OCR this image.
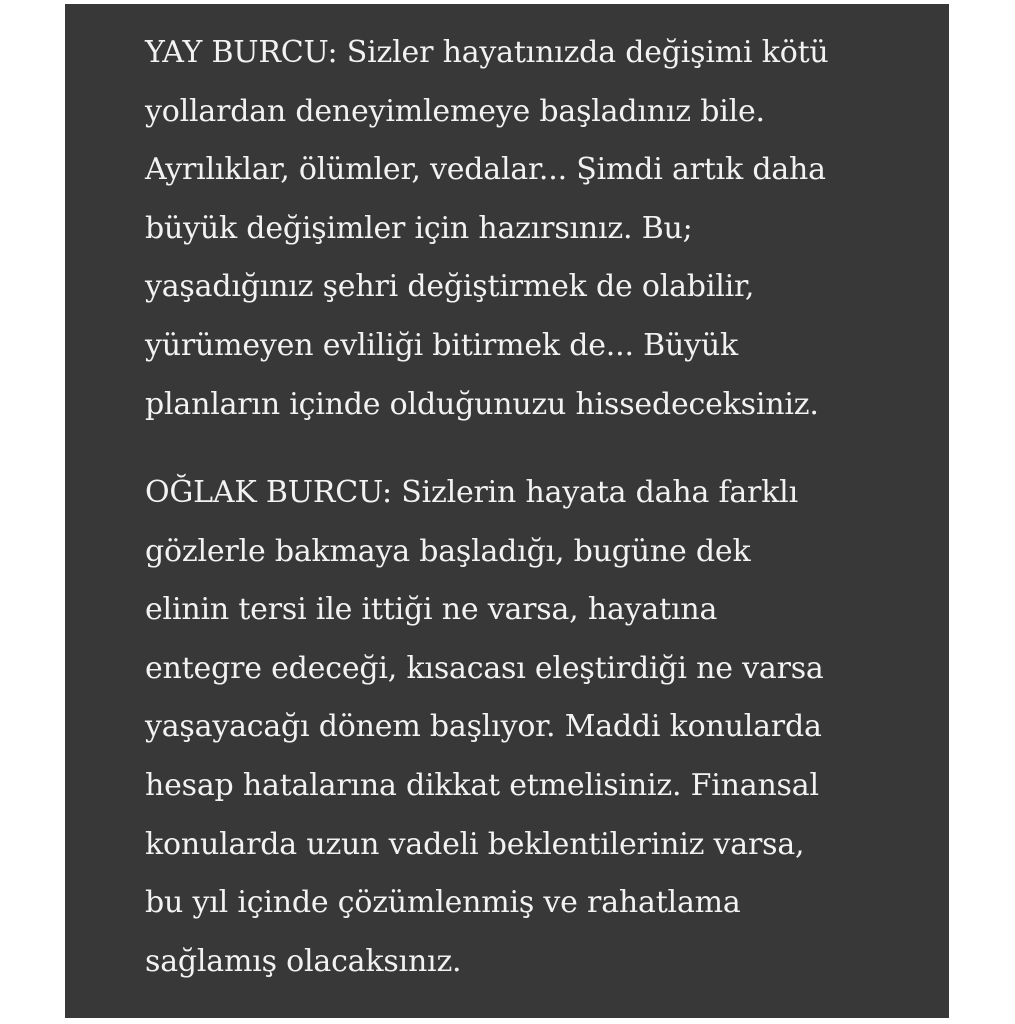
YAY BURCU: Sizler hayatınızda değişimi kötü
yollardan deneyimlemeye başladınız bile.
Ayrılıklar, ölümler, vedalar... Şimdi artık daha
büyük değişimler için hazırsınız. Bu;
yaşadığınız şehri değiştirmek de olabilir,
yürümeyen evliliği bitirmek de... Büyük
planların içinde olduğunuzu hissedeceksiniz.
OĞLAK BURCU: Sizlerin hayata daha farklı
gözlerle bakmaya başladığı, bugüne dek
elinin tersi ile ittiği ne varsa, hayatına
entegre edeceği, kısacası eleştirdiği ne varsa
yaşayacağı dönem başlıyor. Maddi konularda
hesap hatalarına dikkat etmelisiniz. Finansal
konularda uzun vadeli beklentileriniz varsa,
bu yıl içinde çözümlenmiş ve rahatlama
sağlamış olacaksınız.
